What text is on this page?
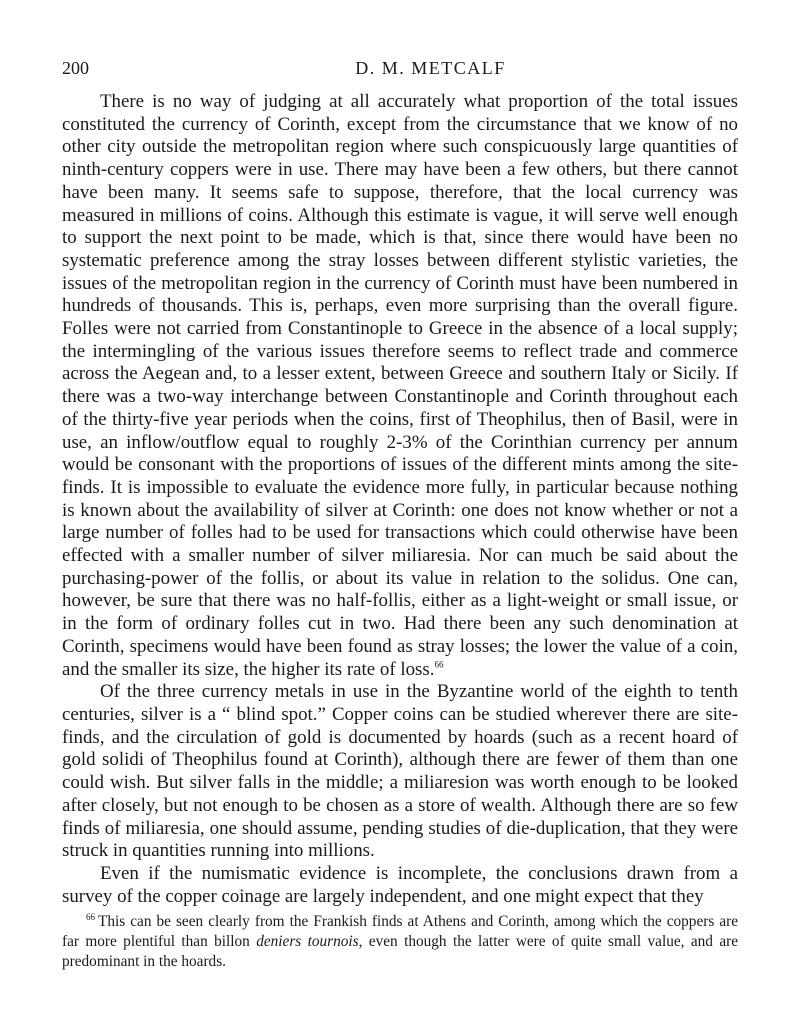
200	D. M. METCALF

There is no way of judging at all accurately what proportion of the total issues constituted the currency of Corinth, except from the circumstance that we know of no other city outside the metropolitan region where such conspicuously large quantities of ninth-century coppers were in use. There may have been a few others, but there cannot have been many. It seems safe to suppose, therefore, that the local currency was measured in millions of coins. Although this estimate is vague, it will serve well enough to support the next point to be made, which is that, since there would have been no systematic preference among the stray losses between different stylistic varieties, the issues of the metropolitan region in the currency of Corinth must have been numbered in hundreds of thousands. This is, perhaps, even more surprising than the overall figure. Folles were not carried from Constantinople to Greece in the absence of a local supply; the intermingling of the various issues therefore seems to reflect trade and commerce across the Aegean and, to a lesser extent, between Greece and southern Italy or Sicily. If there was a two-way interchange between Constantinople and Corinth throughout each of the thirty-five year periods when the coins, first of Theophilus, then of Basil, were in use, an inflow/outflow equal to roughly 2-3% of the Corinthian currency per annum would be consonant with the proportions of issues of the different mints among the site-finds. It is impossible to evaluate the evidence more fully, in particular because nothing is known about the availability of silver at Corinth: one does not know whether or not a large number of folles had to be used for transactions which could otherwise have been effected with a smaller number of silver miliaresia. Nor can much be said about the purchasing-power of the follis, or about its value in relation to the solidus. One can, however, be sure that there was no half-follis, either as a light-weight or small issue, or in the form of ordinary folles cut in two. Had there been any such denomination at Corinth, specimens would have been found as stray losses; the lower the value of a coin, and the smaller its size, the higher its rate of loss.$^{66}$

Of the three currency metals in use in the Byzantine world of the eighth to tenth centuries, silver is a “ blind spot.” Copper coins can be studied wherever there are site-finds, and the circulation of gold is documented by hoards (such as a recent hoard of gold solidi of Theophilus found at Corinth), although there are fewer of them than one could wish. But silver falls in the middle; a miliaresion was worth enough to be looked after closely, but not enough to be chosen as a store of wealth. Although there are so few finds of miliaresia, one should assume, pending studies of die-duplication, that they were struck in quantities running into millions.

Even if the numismatic evidence is incomplete, the conclusions drawn from a survey of the copper coinage are largely independent, and one might expect that they

$^{66}$ This can be seen clearly from the Frankish finds at Athens and Corinth, among which the coppers are far more plentiful than billon deniers tournois, even though the latter were of quite small value, and are predominant in the hoards.
